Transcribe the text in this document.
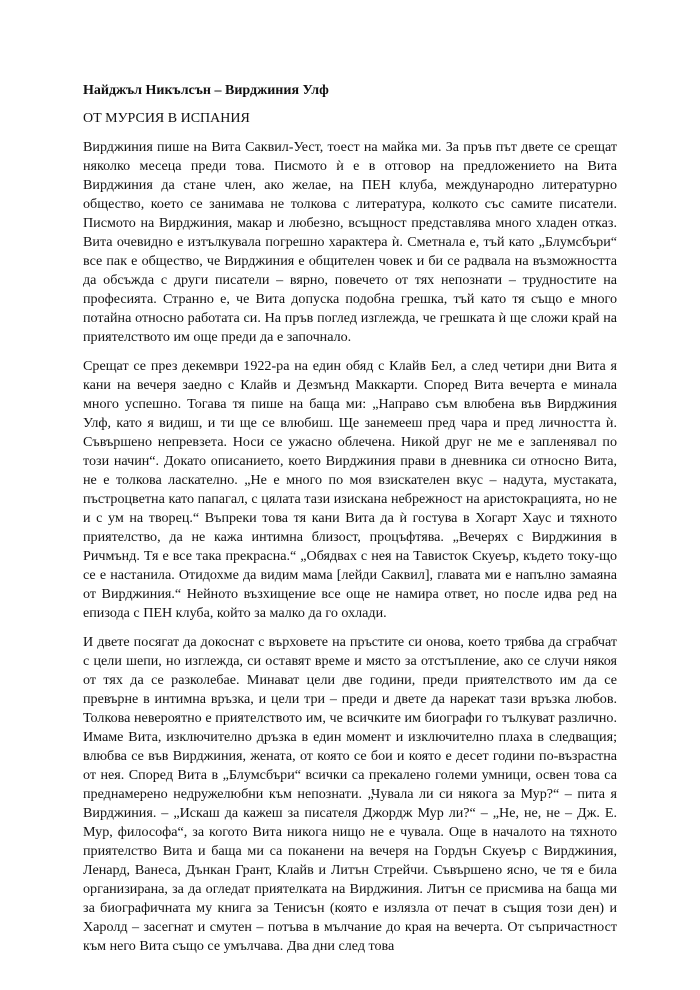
Найджъл Никълсън – Вирджиния Улф
ОТ МУРСИЯ В ИСПАНИЯ

Вирджиния пише на Вита Саквил-Уест, тоест на майка ми. За пръв път двете се срещат няколко месеца преди това. Писмото ѝ е в отговор на предложението на Вита Вирджиния да стане член, ако желае, на ПЕН клуба, международно литературно общество, което се занимава не толкова с литература, колкото със самите писатели. Писмото на Вирджиния, макар и любезно, всъщност представлява много хладен отказ. Вита очевидно е изтълкувала погрешно характера ѝ. Сметнала е, тъй като „Блумсбъри“ все пак е общество, че Вирджиния е общителен човек и би се радвала на възможността да обсъжда с други писатели – вярно, повечето от тях непознати – трудностите на професията. Странно е, че Вита допуска подобна грешка, тъй като тя също е много потайна относно работата си. На пръв поглед изглежда, че грешката ѝ ще сложи край на приятелството им още преди да е започнало.

Срещат се през декември 1922-ра на един обяд с Клайв Бел, а след четири дни Вита я кани на вечеря заедно с Клайв и Дезмънд Маккарти. Според Вита вечерта е минала много успешно. Тогава тя пише на баща ми: „Направо съм влюбена във Вирджиния Улф, като я видиш, и ти ще се влюбиш. Ще занемееш пред чара и пред личността ѝ. Съвършено непревзета. Носи се ужасно облечена. Никой друг не ме е запленявал по този начин“. Докато описанието, което Вирджиния прави в дневника си относно Вита, не е толкова ласкателно. „Не е много по моя взискателен вкус – надута, мустаката, пъстроцветна като папагал, с цялата тази изискана небрежност на аристокрацията, но не и с ум на творец.“ Въпреки това тя кани Вита да ѝ гостува в Хогарт Хаус и тяхното приятелство, да не кажа интимна близост, процъфтява. „Вечерях с Вирджиния в Ричмънд. Тя е все така прекрасна.“ „Обядвах с нея на Тависток Скуеър, където току-що се е настанила. Отидохме да видим мама [лейди Саквил], главата ми е напълно замаяна от Вирджиния.“ Нейното възхищение все още не намира ответ, но после идва ред на епизода с ПЕН клуба, който за малко да го охлади.

И двете посягат да докоснат с върховете на пръстите си онова, което трябва да сграбчат с цели шепи, но изглежда, си оставят време и място за отстъпление, ако се случи някоя от тях да се разколебае. Минават цели две години, преди приятелството им да се превърне в интимна връзка, и цели три – преди и двете да нарекат тази връзка любов. Толкова невероятно е приятелството им, че всичките им биографи го тълкуват различно. Имаме Вита, изключително дръзка в един момент и изключително плаха в следващия; влюбва се във Вирджиния, жената, от която се бои и която е десет години по-възрастна от нея. Според Вита в „Блумсбъри“ всички са прекалено големи умници, освен това са преднамерено недружелюбни към непознати. „Чувала ли си някога за Мур?“ – пита я Вирджиния. – „Искаш да кажеш за писателя Джордж Мур ли?“ – „Не, не, не – Дж. Е. Мур, философа“, за когото Вита никога нищо не е чувала. Още в началото на тяхното приятелство Вита и баща ми са поканени на вечеря на Гордън Скуеър с Вирджиния, Ленард, Ванеса, Дънкан Грант, Клайв и Литън Стрейчи. Съвършено ясно, че тя е била организирана, за да огледат приятелката на Вирджиния. Литън се присмива на баща ми за биографичната му книга за Тенисън (която е излязла от печат в същия този ден) и Харолд – засегнат и смутен – потъва в мълчание до края на вечерта. От съпричастност към него Вита също се умълчава. Два дни след това
